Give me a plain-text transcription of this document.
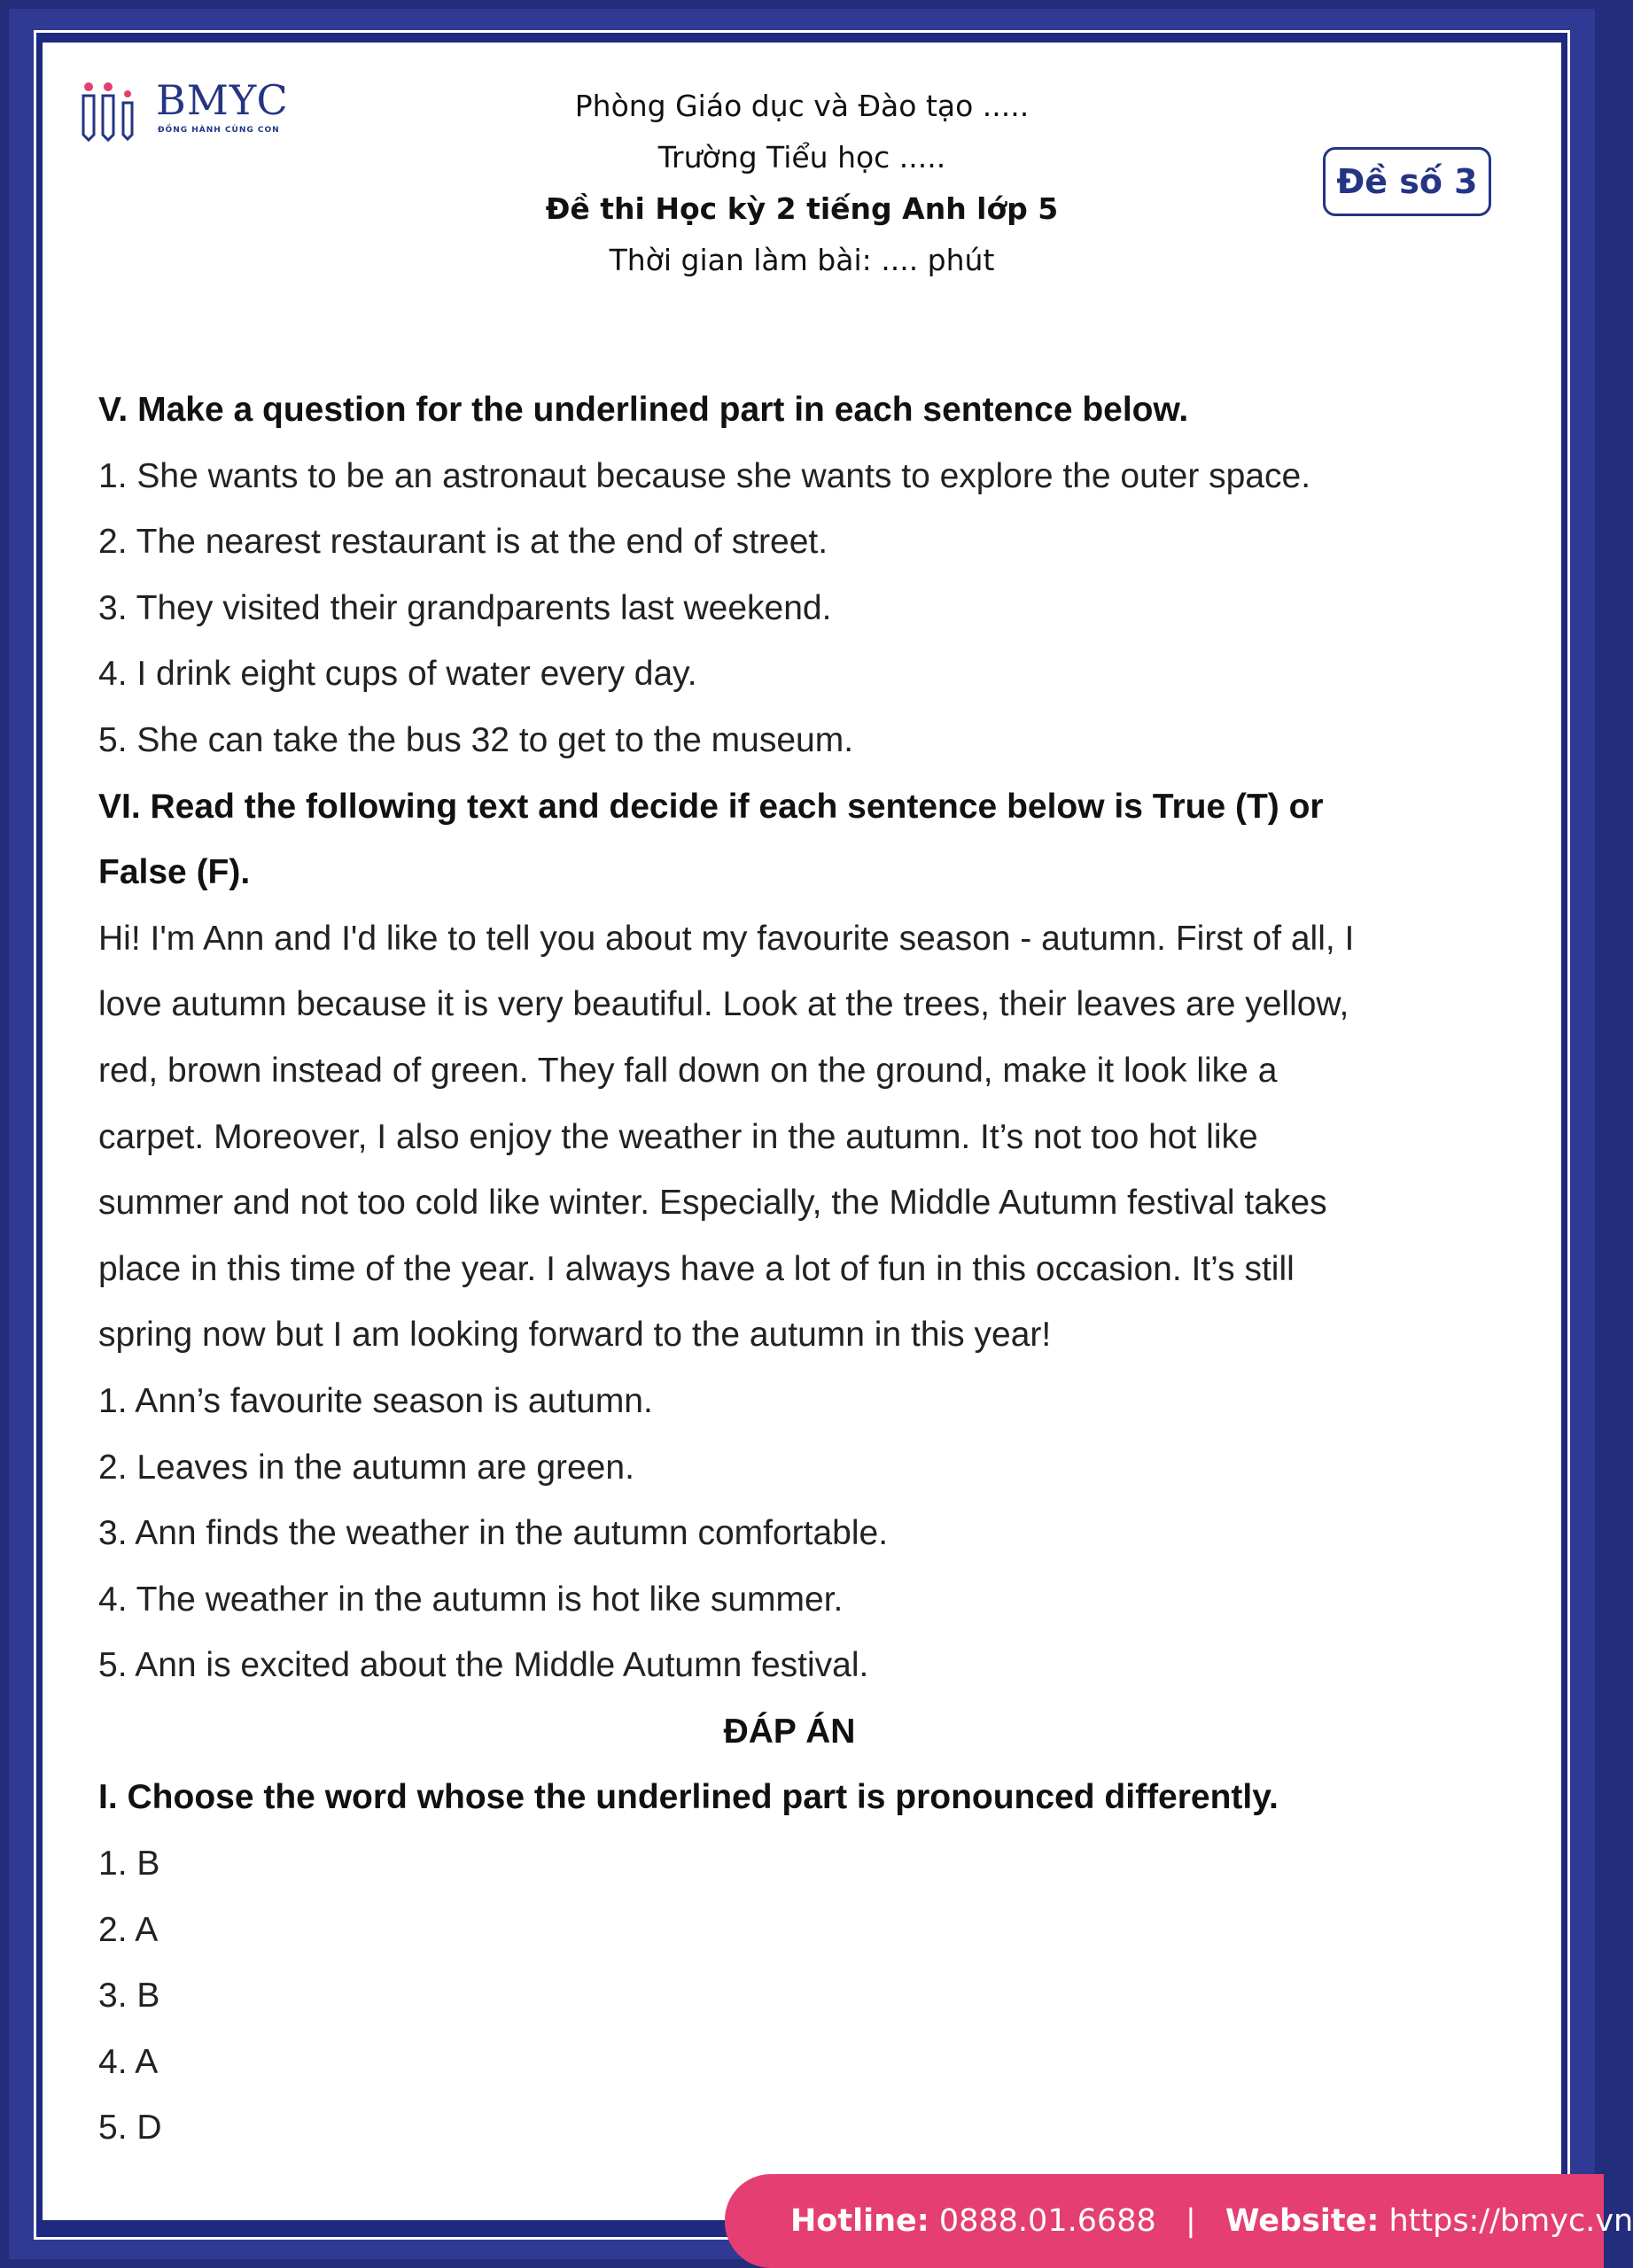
BMYC
ĐỒNG HÀNH CÙNG CON
Phòng Giáo dục và Đào tạo .....
Trường Tiểu học .....
Đề thi Học kỳ 2 tiếng Anh lớp 5
Thời gian làm bài: .... phút
Đề số 3
V. Make a question for the underlined part in each sentence below.
1. She wants to be an astronaut because she wants to explore the outer space.
2. The nearest restaurant is at the end of street.
3. They visited their grandparents last weekend.
4. I drink eight cups of water every day.
5. She can take the bus 32 to get to the museum.
VI. Read the following text and decide if each sentence below is True (T) or
False (F).
Hi! I'm Ann and I'd like to tell you about my favourite season - autumn. First of all, I
love autumn because it is very beautiful. Look at the trees, their leaves are yellow,
red, brown instead of green. They fall down on the ground, make it look like a
carpet. Moreover, I also enjoy the weather in the autumn. It’s not too hot like
summer and not too cold like winter. Especially, the Middle Autumn festival takes
place in this time of the year. I always have a lot of fun in this occasion. It’s still
spring now but I am looking forward to the autumn in this year!
1. Ann’s favourite season is autumn.
2. Leaves in the autumn are green.
3. Ann finds the weather in the autumn comfortable.
4. The weather in the autumn is hot like summer.
5. Ann is excited about the Middle Autumn festival.
ĐÁP ÁN
I. Choose the word whose the underlined part is pronounced differently.
1. B
2. A
3. B
4. A
5. D
Hotline: 0888.01.6688 | Website: https://bmyc.vn
